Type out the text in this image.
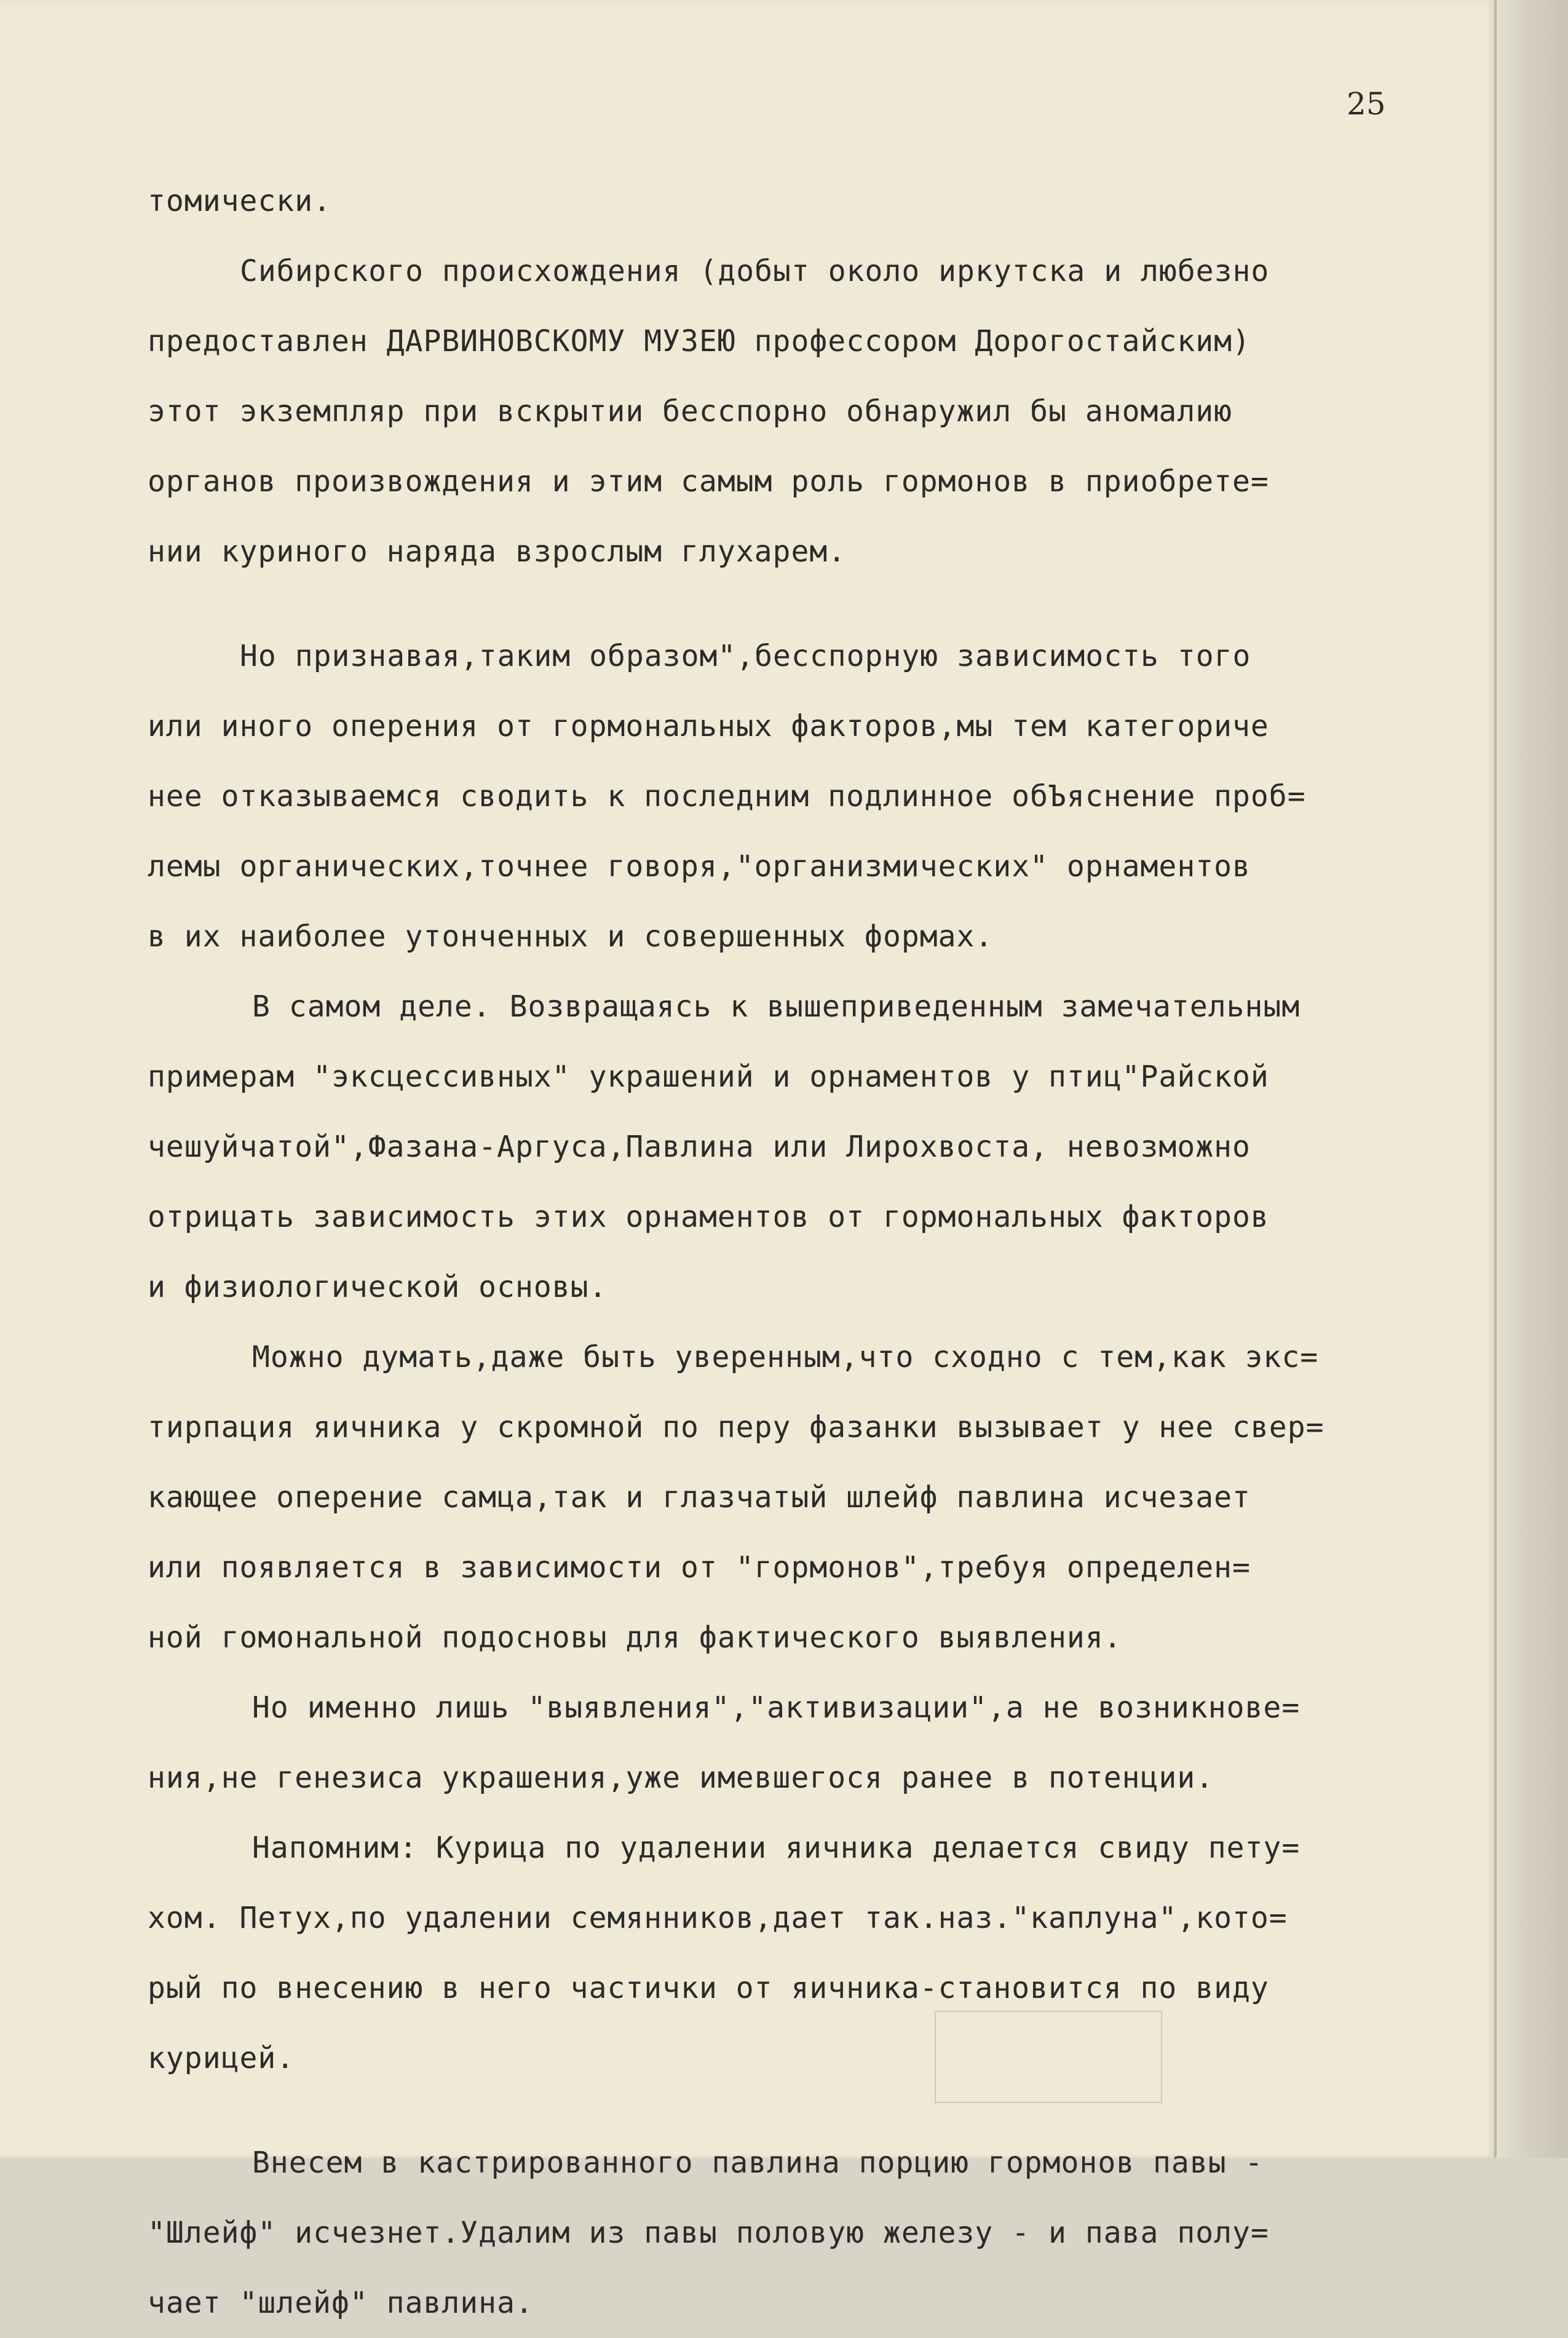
25
томически.
Сибирского происхождения (добыт около иркутска и любезно
предоставлен ДАРВИНОВСКОМУ МУЗЕЮ профессором Дорогостайским)
этот экземпляр при вскрытии бесспорно обнаружил бы аномалию
органов произвождения и этим самым роль гормонов в приобрете=
нии куриного наряда взрослым глухарем.
Но признавая,таким образом",бесспорную зависимость того
или иного оперения от гормональных факторов,мы тем категориче
нее отказываемся сводить к последним подлинное обЪяснение проб=
лемы органических,точнее говоря,"организмических" орнаментов
в их наиболее утонченных и совершенных формах.
В самом деле. Возвращаясь к вышеприведенным замечательным
примерам "эксцессивных" украшений и орнаментов у птиц"Райской
чешуйчатой",Фазана-Аргуса,Павлина или Лирохвоста, невозможно
отрицать зависимость этих орнаментов от гормональных факторов
и физиологической основы.
Можно думать,даже быть уверенным,что сходно с тем,как экс=
тирпация яичника у скромной по перу фазанки вызывает у нее свер=
кающее оперение самца,так и глазчатый шлейф павлина исчезает
или появляется в зависимости от "гормонов",требуя определен=
ной гомональной подосновы для фактического выявления.
Но именно лишь "выявления","активизации",а не возникнове=
ния,не генезиса украшения,уже имевшегося ранее в потенции.
Напомним: Курица по удалении яичника делается свиду пету=
хом. Петух,по удалении семянников,дает так.наз."каплуна",кото=
рый по внесению в него частички от яичника-становится по виду
курицей.
Внесем в кастрированного павлина порцию гормонов павы -
"Шлейф" исчезнет.Удалим из павы половую железу - и пава полу=
чает "шлейф" павлина.
